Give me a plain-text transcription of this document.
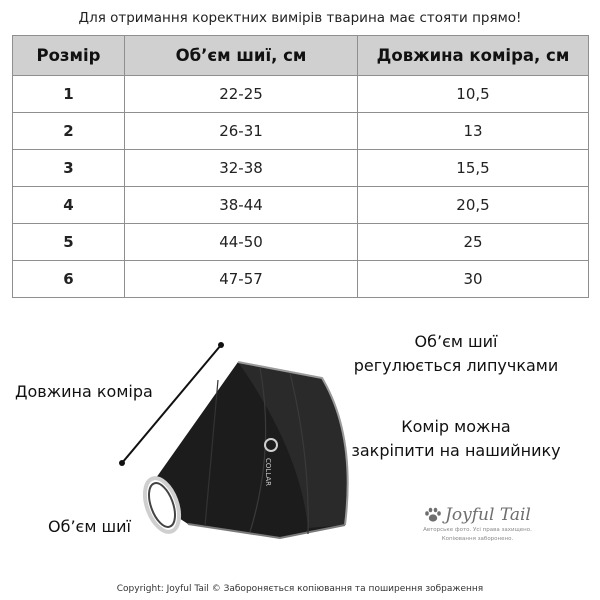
Для отримання коректних вимірів тварина має стояти прямо!
Розмір	Об’єм шиї, см	Довжина коміра, см
1	22-25	10,5
2	26-31	13
3	32-38	15,5
4	38-44	20,5
5	44-50	25
6	47-57	30
Довжина коміра
Об’єм шиї
COLLAR
Об’єм шиї
регулюється липучками
Комір можна
закріпити на нашийнику
Joyful Tail
Авторське фото. Усі права захищено.
Копіювання заборонено.
Copyright: Joyful Tail © Забороняється копіювання та поширення зображення
